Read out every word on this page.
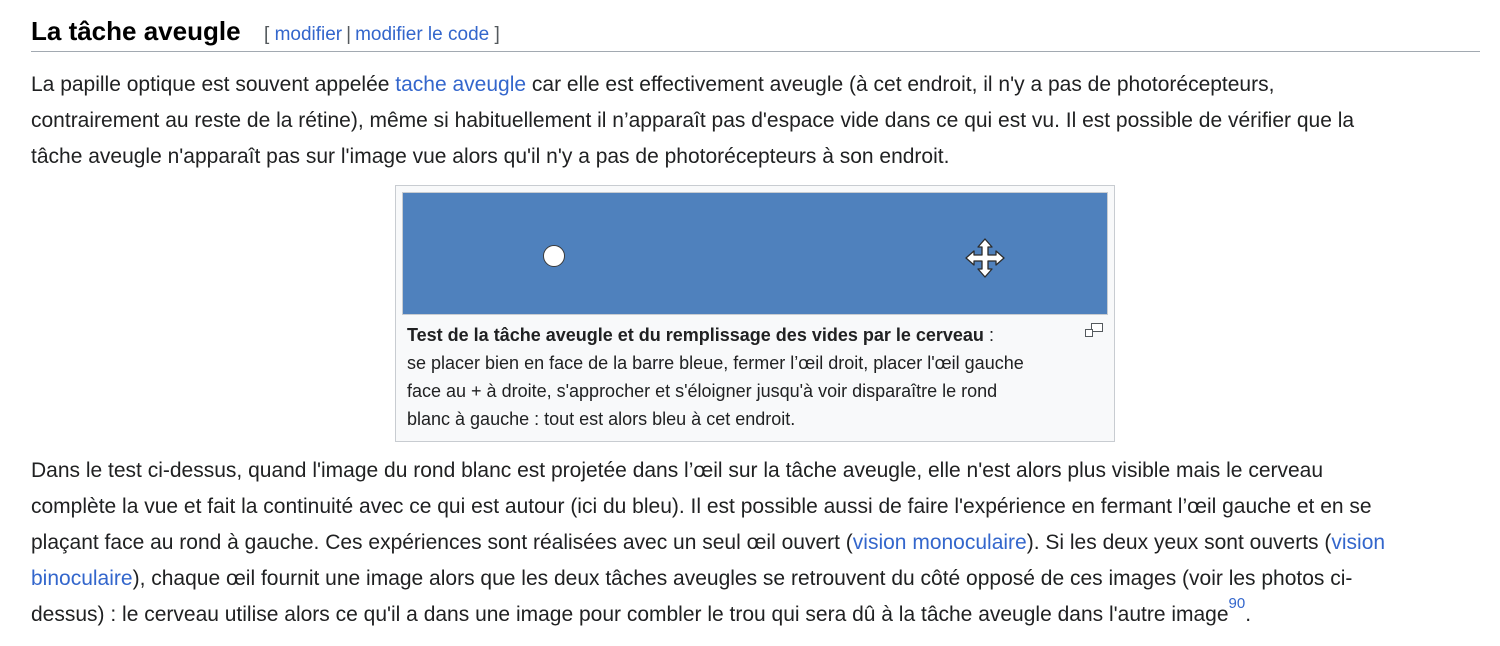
La tâche aveugle [ modifier | modifier le code ]

La papille optique est souvent appelée tache aveugle car elle est effectivement aveugle (à cet endroit, il n'y a pas de photorécepteurs,
contrairement au reste de la rétine), même si habituellement il n’apparaît pas d'espace vide dans ce qui est vu. Il est possible de vérifier que la
tâche aveugle n'apparaît pas sur l'image vue alors qu'il n'y a pas de photorécepteurs à son endroit.

Test de la tâche aveugle et du remplissage des vides par le cerveau :
se placer bien en face de la barre bleue, fermer l’œil droit, placer l'œil gauche
face au + à droite, s'approcher et s'éloigner jusqu'à voir disparaître le rond
blanc à gauche : tout est alors bleu à cet endroit.

Dans le test ci-dessus, quand l'image du rond blanc est projetée dans l’œil sur la tâche aveugle, elle n'est alors plus visible mais le cerveau
complète la vue et fait la continuité avec ce qui est autour (ici du bleu). Il est possible aussi de faire l'expérience en fermant l’œil gauche et en se
plaçant face au rond à gauche. Ces expériences sont réalisées avec un seul œil ouvert (vision monoculaire). Si les deux yeux sont ouverts (vision
binoculaire), chaque œil fournit une image alors que les deux tâches aveugles se retrouvent du côté opposé de ces images (voir les photos ci-
dessus) : le cerveau utilise alors ce qu'il a dans une image pour combler le trou qui sera dû à la tâche aveugle dans l'autre image$^{90}$.
